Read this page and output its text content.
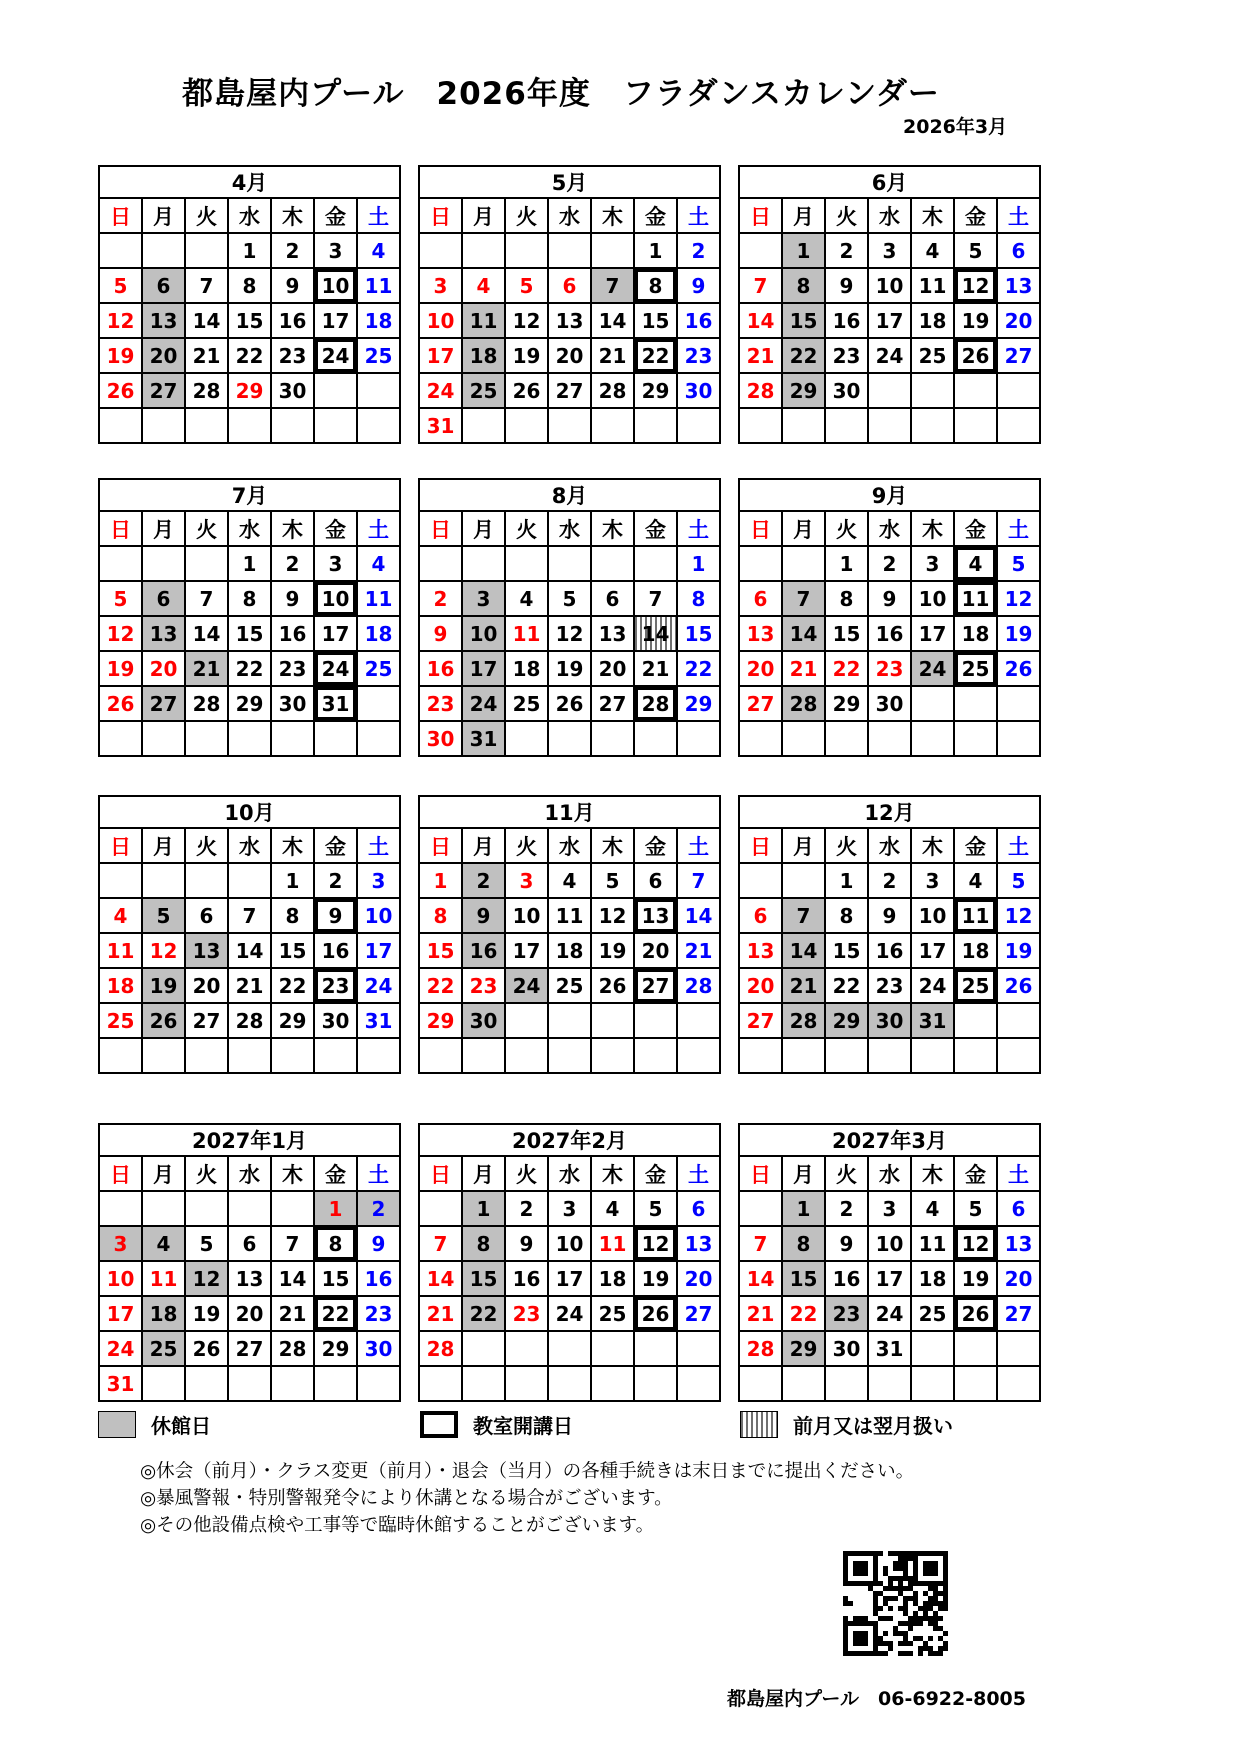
都島屋内プール　2026年度　フラダンスカレンダー
2026年3月
4月						
日	月	火	水	木	金	土
			1	2	3	4
5	6	7	8	9	10	11
12	13	14	15	16	17	18
19	20	21	22	23	24	25
26	27	28	29	30		

5月						
日	月	火	水	木	金	土
					1	2
3	4	5	6	7	8	9
10	11	12	13	14	15	16
17	18	19	20	21	22	23
24	25	26	27	28	29	30
31						
6月						
日	月	火	水	木	金	土
	1	2	3	4	5	6
7	8	9	10	11	12	13
14	15	16	17	18	19	20
21	22	23	24	25	26	27
28	29	30				

7月						
日	月	火	水	木	金	土
			1	2	3	4
5	6	7	8	9	10	11
12	13	14	15	16	17	18
19	20	21	22	23	24	25
26	27	28	29	30	31	

8月						
日	月	火	水	木	金	土
						1
2	3	4	5	6	7	8
9	10	11	12	13	14	15
16	17	18	19	20	21	22
23	24	25	26	27	28	29
30	31					
9月						
日	月	火	水	木	金	土
		1	2	3	4	5
6	7	8	9	10	11	12
13	14	15	16	17	18	19
20	21	22	23	24	25	26
27	28	29	30			

10月						
日	月	火	水	木	金	土
				1	2	3
4	5	6	7	8	9	10
11	12	13	14	15	16	17
18	19	20	21	22	23	24
25	26	27	28	29	30	31

11月						
日	月	火	水	木	金	土
1	2	3	4	5	6	7
8	9	10	11	12	13	14
15	16	17	18	19	20	21
22	23	24	25	26	27	28
29	30					

12月						
日	月	火	水	木	金	土
		1	2	3	4	5
6	7	8	9	10	11	12
13	14	15	16	17	18	19
20	21	22	23	24	25	26
27	28	29	30	31		

2027年1月						
日	月	火	水	木	金	土
					1	2
3	4	5	6	7	8	9
10	11	12	13	14	15	16
17	18	19	20	21	22	23
24	25	26	27	28	29	30
31						
2027年2月						
日	月	火	水	木	金	土
	1	2	3	4	5	6
7	8	9	10	11	12	13
14	15	16	17	18	19	20
21	22	23	24	25	26	27
28						

2027年3月						
日	月	火	水	木	金	土
	1	2	3	4	5	6
7	8	9	10	11	12	13
14	15	16	17	18	19	20
21	22	23	24	25	26	27
28	29	30	31			

休館日	教室開講日	前月又は翌月扱い
◎休会（前月）・クラス変更（前月）・退会（当月）の各種手続きは末日までに提出ください。
◎暴風警報・特別警報発令により休講となる場合がございます。
◎その他設備点検や工事等で臨時休館することがございます。
都島屋内プール　06-6922-8005
